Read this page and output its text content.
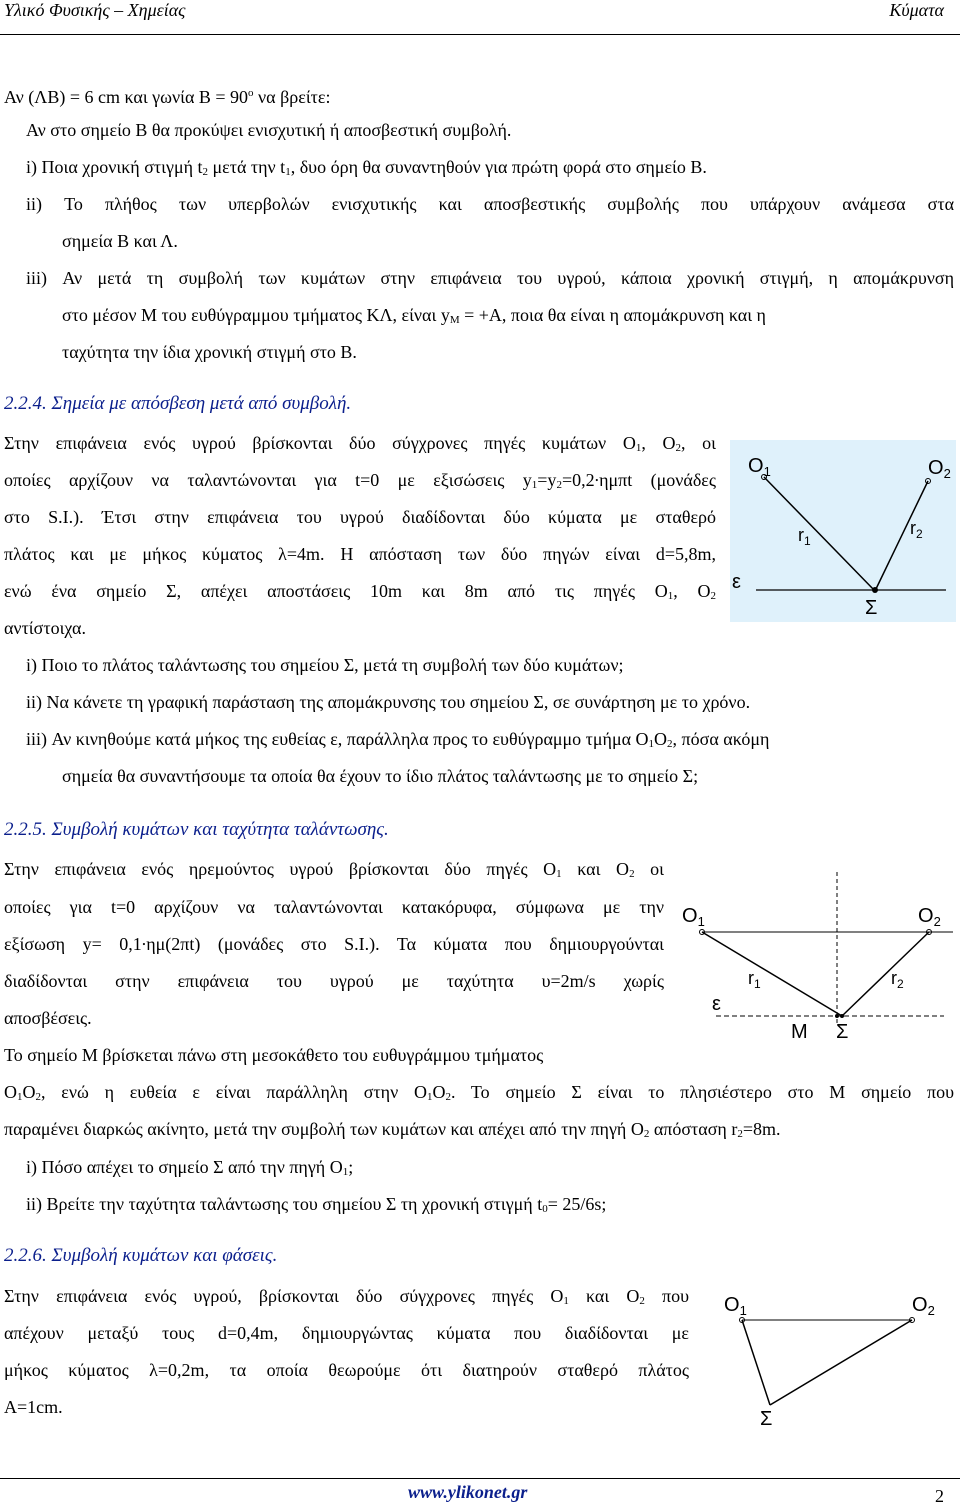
Υλικό Φυσικής – Χημείας	Κύματα
Αν (ΛΒ) = 6 cm και γωνία $B = 90^o$ να βρείτε:
Αν στο σημείο Β θα προκύψει ενισχυτική ή αποσβεστική συμβολή.
i) Ποια χρονική στιγμή $t_2$ μετά την $t_1$, δυο όρη θα συναντηθούν για πρώτη φορά στο σημείο Β.
ii) Το πλήθος των υπερβολών ενισχυτικής και αποσβεστικής συμβολής που υπάρχουν ανάμεσα στα
σημεία Β και Λ.
iii) Αν μετά τη συμβολή των κυμάτων στην επιφάνεια του υγρού, κάποια χρονική στιγμή, η απομάκρυνση
στο μέσον Μ του ευθύγραμμου τμήματος ΚΛ, είναι $y_M = +A$, ποια θα είναι η απομάκρυνση και η
ταχύτητα την ίδια χρονική στιγμή στο Β.
2.2.4. Σημεία με απόσβεση μετά από συμβολή.
Στην επιφάνεια ενός υγρού βρίσκονται δύο σύγχρονες πηγές κυμάτων $O_1$, $O_2$, οι
οποίες αρχίζουν να ταλαντώνονται για t=0 με εξισώσεις $y_1=y_2=0,2\cdot\eta\mu\pi t$ (μονάδες
στο S.I.). Έτσι στην επιφάνεια του υγρού διαδίδονται δύο κύματα με σταθερό
πλάτος και με μήκος κύματος λ=4m. Η απόσταση των δύο πηγών είναι d=5,8m,
ενώ ένα σημείο Σ, απέχει αποστάσεις 10m και 8m από τις πηγές $O_1$, $O_2$
αντίστοιχα.
i) Ποιο το πλάτος ταλάντωσης του σημείου Σ, μετά τη συμβολή των δύο κυμάτων;
ii) Να κάνετε τη γραφική παράσταση της απομάκρυνσης του σημείου Σ, σε συνάρτηση με το χρόνο.
iii) Αν κινηθούμε κατά μήκος της ευθείας ε, παράλληλα προς το ευθύγραμμο τμήμα $O_1O_2$, πόσα ακόμη
σημεία θα συναντήσουμε τα οποία θα έχουν το ίδιο πλάτος ταλάντωσης με το σημείο Σ;
$O_1$	$O_2$
$r_1$
$r_2$
ε
Σ
2.2.5. Συμβολή κυμάτων και ταχύτητα ταλάντωσης.
Στην επιφάνεια ενός ηρεμούντος υγρού βρίσκονται δύο πηγές $O_1$ και $O_2$ οι
οποίες για t=0 αρχίζουν να ταλαντώνονται κατακόρυφα, σύμφωνα με την
εξίσωση y= 0,1∙ημ(2πt) (μονάδες στο S.I.). Τα κύματα που δημιουργούνται
διαδίδονται στην επιφάνεια του υγρού με ταχύτητα υ=2m/s χωρίς
αποσβέσεις.
Το σημείο Μ βρίσκεται πάνω στη μεσοκάθετο του ευθυγράμμου τμήματος
$O_1O_2$, ενώ η ευθεία ε είναι παράλληλη στην $O_1O_2$. Το σημείο Σ είναι το πλησιέστερο στο Μ σημείο που
παραμένει διαρκώς ακίνητο, μετά την συμβολή των κυμάτων και απέχει από την πηγή $O_2$ απόσταση $r_2=8m$.
i) Πόσο απέχει το σημείο Σ από την πηγή $O_1$;
ii) Βρείτε την ταχύτητα ταλάντωσης του σημείου Σ τη χρονική στιγμή $t_0= 25/6s$;
$O_1$	$O_2$
$r_1$	$r_2$
ε
Μ Σ
2.2.6. Συμβολή κυμάτων και φάσεις.
Στην επιφάνεια ενός υγρού, βρίσκονται δύο σύγχρονες πηγές $O_1$ και $O_2$ που
απέχουν μεταξύ τους d=0,4m, δημιουργώντας κύματα που διαδίδονται με
μήκος κύματος λ=0,2m, τα οποία θεωρούμε ότι διατηρούν σταθερό πλάτος
Α=1cm.
$O_1$	$O_2$
Σ
www.ylikonet.gr	2
